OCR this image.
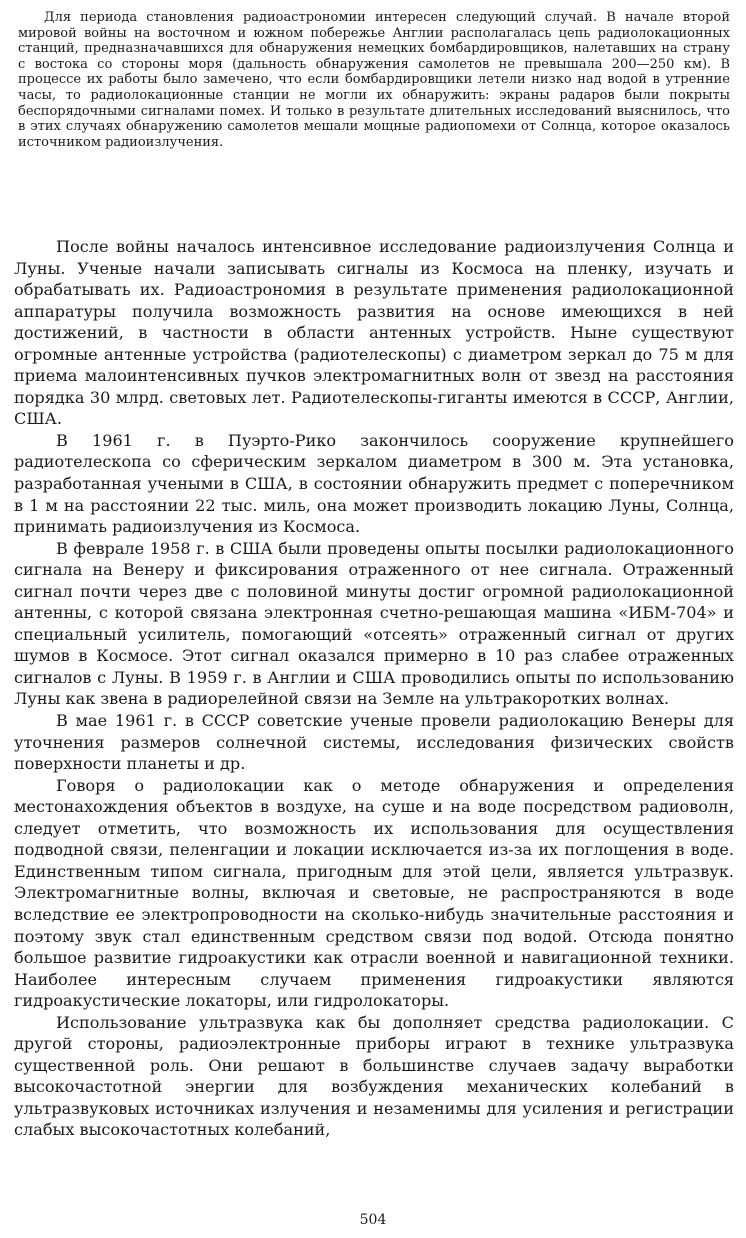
Для периода становления радиоастрономии интересен следующий случай. В начале второй мировой войны на восточном и южном побережье Англии располагалась цепь радиолокационных станций, предназначавшихся для обнаружения немецких бомбардировщиков, налетавших на страну с востока со стороны моря (дальность обнаружения самолетов не превышала 200—250 км). В процессе их работы было замечено, что если бомбардировщики летели низко над водой в утренние часы, то радиолокационные станции не могли их обнаружить: экраны радаров были покрыты беспорядочными сигналами помех. И только в результате длительных исследований выяснилось, что в этих случаях обнаружению самолетов мешали мощные радиопомехи от Солнца, которое оказалось источником радиоизлучения.

После войны началось интенсивное исследование радиоизлучения Солнца и Луны. Ученые начали записывать сигналы из Космоса на пленку, изучать и обрабатывать их. Радиоастрономия в результате применения радиолокационной аппаратуры получила возможность развития на основе имеющихся в ней достижений, в частности в области антенных устройств. Ныне существуют огромные антенные устройства (радиотелескопы) с диаметром зеркал до 75 м для приема малоинтенсивных пучков электромагнитных волн от звезд на расстояния порядка 30 млрд. световых лет. Радиотелескопы-гиганты имеются в СССР, Англии, США.

В 1961 г. в Пуэрто-Рико закончилось сооружение крупнейшего радиотелескопа со сферическим зеркалом диаметром в 300 м. Эта установка, разработанная учеными в США, в состоянии обнаружить предмет с поперечником в 1 м на расстоянии 22 тыс. миль, она может производить локацию Луны, Солнца, принимать радиоизлучения из Космоса.

В феврале 1958 г. в США были проведены опыты посылки радиолокационного сигнала на Венеру и фиксирования отраженного от нее сигнала. Отраженный сигнал почти через две с половиной минуты достиг огромной радиолокационной антенны, с которой связана электронная счетно-решающая машина «ИБМ-704» и специальный усилитель, помогающий «отсеять» отраженный сигнал от других шумов в Космосе. Этот сигнал оказался примерно в 10 раз слабее отраженных сигналов с Луны. В 1959 г. в Англии и США проводились опыты по использованию Луны как звена в радиорелейной связи на Земле на ультракоротких волнах.

В мае 1961 г. в СССР советские ученые провели радиолокацию Венеры для уточнения размеров солнечной системы, исследования физических свойств поверхности планеты и др.

Говоря о радиолокации как о методе обнаружения и определения местонахождения объектов в воздухе, на суше и на воде посредством радиоволн, следует отметить, что возможность их использования для осуществления подводной связи, пеленгации и локации исключается из-за их поглощения в воде. Единственным типом сигнала, пригодным для этой цели, является ультразвук. Электромагнитные волны, включая и световые, не распространяются в воде вследствие ее электропроводности на сколько-нибудь значительные расстояния и поэтому звук стал единственным средством связи под водой. Отсюда понятно большое развитие гидроакустики как отрасли военной и навигационной техники. Наиболее интересным случаем применения гидроакустики являются гидроакустические локаторы, или гидролокаторы.

Использование ультразвука как бы дополняет средства радиолокации. С другой стороны, радиоэлектронные приборы играют в технике ультразвука существенной роль. Они решают в большинстве случаев задачу выработки высокочастотной энергии для возбуждения механических колебаний в ультразвуковых источниках излучения и незаменимы для усиления и регистрации слабых высокочастотных колебаний,

504
